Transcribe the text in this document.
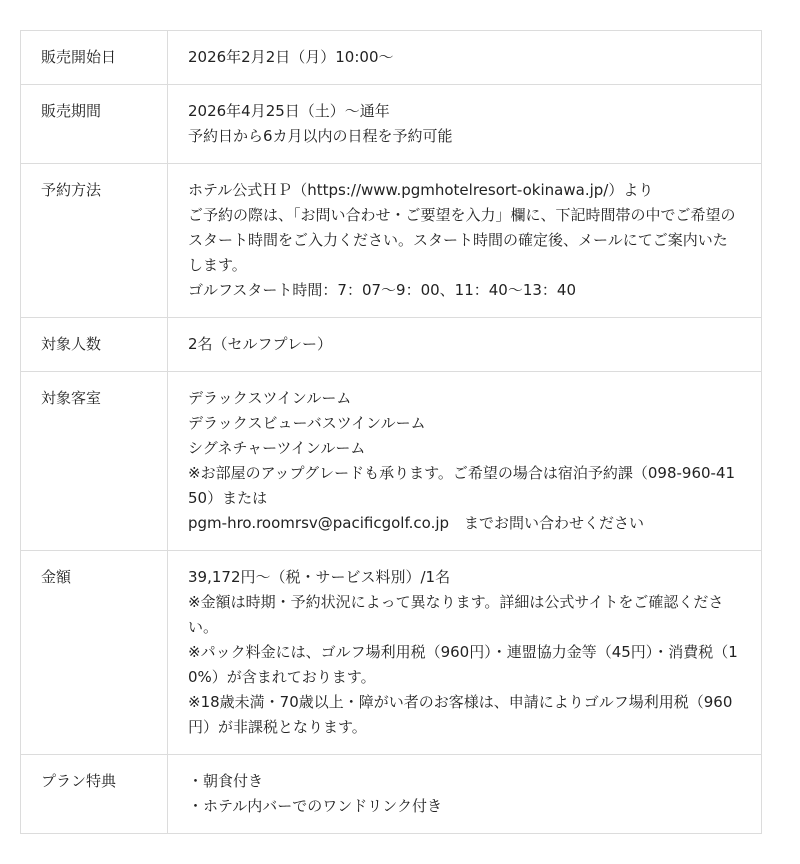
販売開始日	2026年2月2日（月）10:00〜

販売期間	2026年4月25日（土）〜通年
予約日から6カ月以内の日程を予約可能

予約方法	ホテル公式ＨＰ（https://www.pgmhotelresort-okinawa.jp/）より
ご予約の際は、「お問い合わせ・ご要望を入力」欄に、下記時間帯の中でご希望のスタート時間をご入力ください。スタート時間の確定後、メールにてご案内いたします。
ゴルフスタート時間：7：07〜9：00、11：40〜13：40

対象人数	2名（セルフプレー）

対象客室	デラックスツインルーム
デラックスビューバスツインルーム
シグネチャーツインルーム
※お部屋のアップグレードも承ります。ご希望の場合は宿泊予約課（098-960-4150）または
pgm-hro.roomrsv@pacificgolf.co.jp　までお問い合わせください

金額	39,172円〜（税・サービス料別）/1名
※金額は時期・予約状況によって異なります。詳細は公式サイトをご確認ください。
※パック料金には、ゴルフ場利用税（960円）・連盟協力金等（45円）・消費税（10%）が含まれております。
※18歳未満・70歳以上・障がい者のお客様は、申請によりゴルフ場利用税（960円）が非課税となります。

プラン特典	・朝食付き
・ホテル内バーでのワンドリンク付き
